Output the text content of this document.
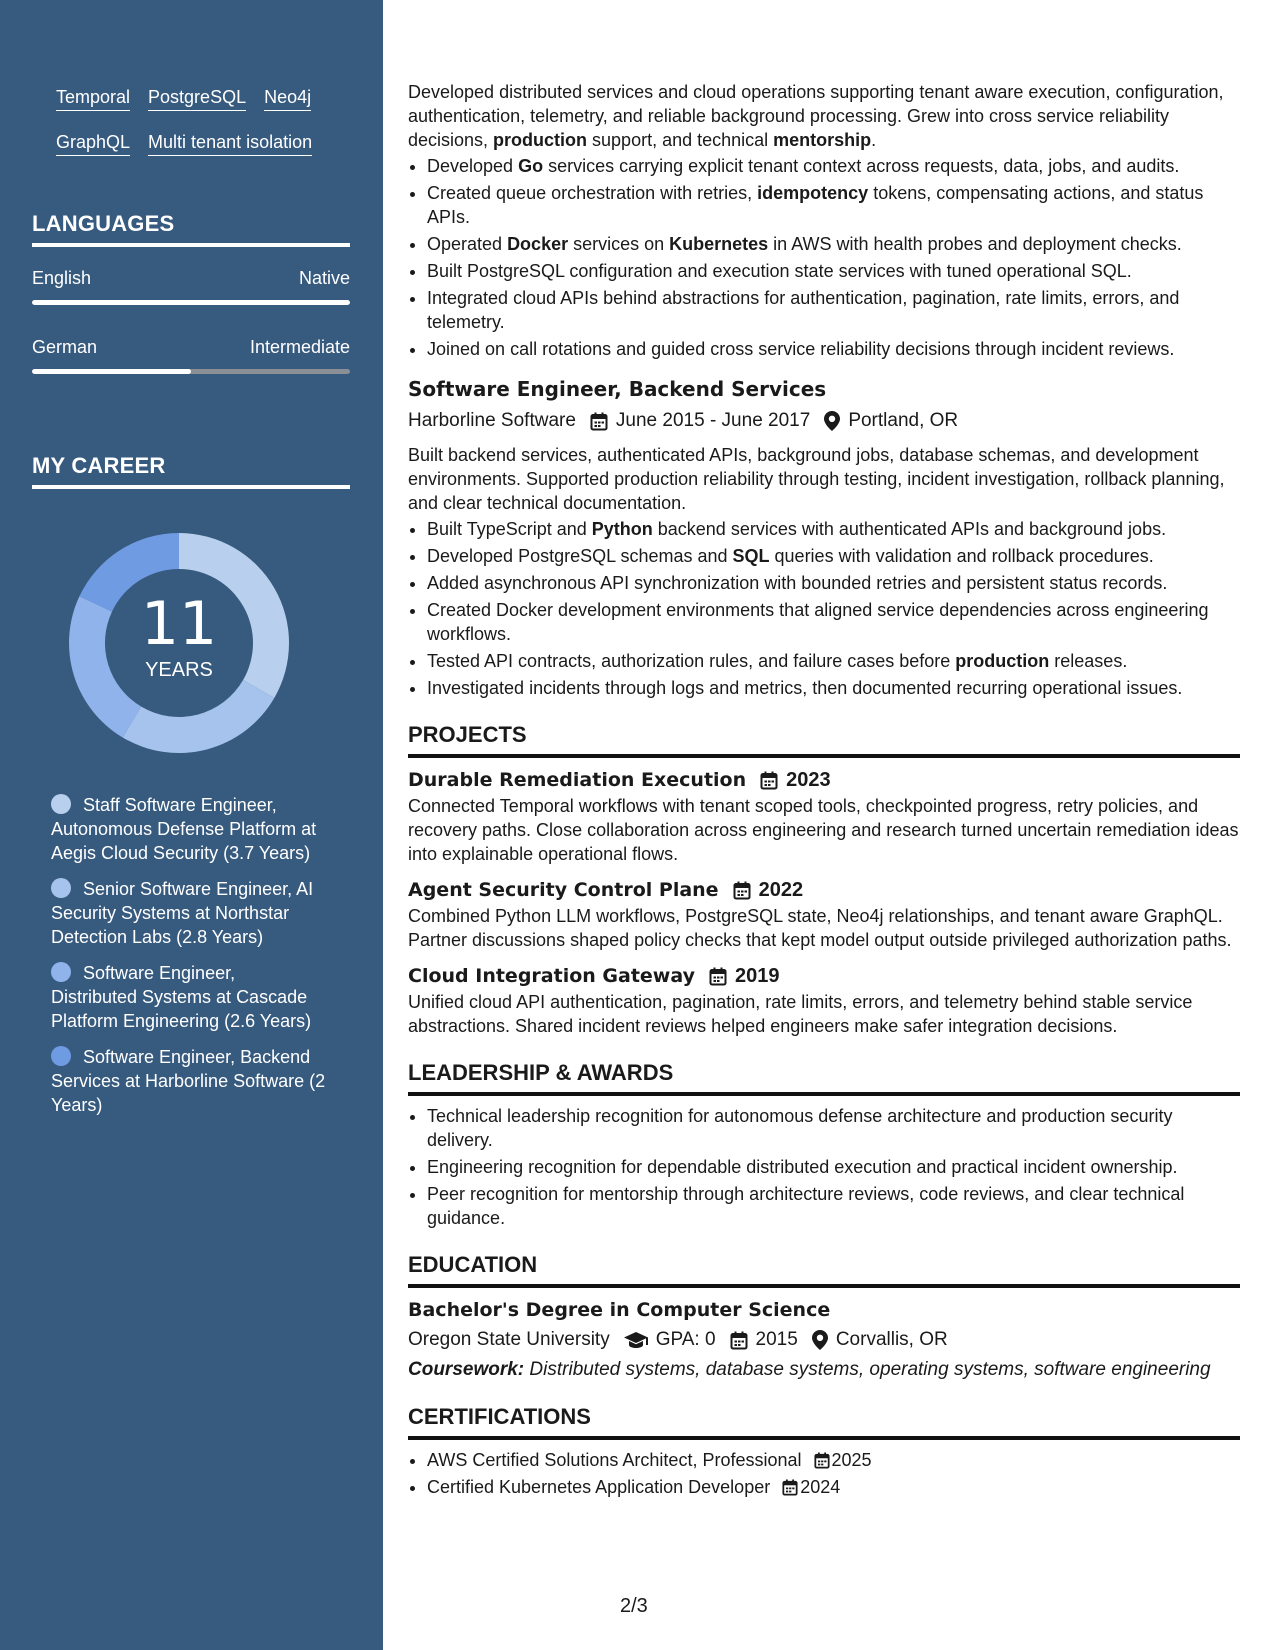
Temporal PostgreSQL Neo4j
GraphQL Multi tenant isolation
LANGUAGES
English	Native
German	Intermediate
MY CAREER
11
YEARS
Staff Software Engineer, Autonomous Defense Platform at Aegis Cloud Security (3.7 Years)
Senior Software Engineer, AI Security Systems at Northstar Detection Labs (2.8 Years)
Software Engineer, Distributed Systems at Cascade Platform Engineering (2.6 Years)
Software Engineer, Backend Services at Harborline Software (2 Years)

Developed distributed services and cloud operations supporting tenant aware execution, configuration, authentication, telemetry, and reliable background processing. Grew into cross service reliability decisions, production support, and technical mentorship.

• Developed Go services carrying explicit tenant context across requests, data, jobs, and audits.
• Created queue orchestration with retries, idempotency tokens, compensating actions, and status APIs.
• Operated Docker services on Kubernetes in AWS with health probes and deployment checks.
• Built PostgreSQL configuration and execution state services with tuned operational SQL.
• Integrated cloud APIs behind abstractions for authentication, pagination, rate limits, errors, and telemetry.
• Joined on call rotations and guided cross service reliability decisions through incident reviews.
Software Engineer, Backend Services
Harborline Software June 2015 - June 2017 Portland, OR

Built backend services, authenticated APIs, background jobs, database schemas, and development environments. Supported production reliability through testing, incident investigation, rollback planning, and clear technical documentation.

• Built TypeScript and Python backend services with authenticated APIs and background jobs.
• Developed PostgreSQL schemas and SQL queries with validation and rollback procedures.
• Added asynchronous API synchronization with bounded retries and persistent status records.
• Created Docker development environments that aligned service dependencies across engineering workflows.
• Tested API contracts, authorization rules, and failure cases before production releases.
• Investigated incidents through logs and metrics, then documented recurring operational issues.
PROJECTS
Durable Remediation Execution 2023

Connected Temporal workflows with tenant scoped tools, checkpointed progress, retry policies, and recovery paths. Close collaboration across engineering and research turned uncertain remediation ideas into explainable operational flows.

Agent Security Control Plane 2022

Combined Python LLM workflows, PostgreSQL state, Neo4j relationships, and tenant aware GraphQL. Partner discussions shaped policy checks that kept model output outside privileged authorization paths.

Cloud Integration Gateway 2019

Unified cloud API authentication, pagination, rate limits, errors, and telemetry behind stable service abstractions. Shared incident reviews helped engineers make safer integration decisions.

LEADERSHIP & AWARDS
• Technical leadership recognition for autonomous defense architecture and production security delivery.
• Engineering recognition for dependable distributed execution and practical incident ownership.
• Peer recognition for mentorship through architecture reviews, code reviews, and clear technical guidance.
EDUCATION
Bachelor's Degree in Computer Science
Oregon State University GPA: 0 2015 Corvallis, OR

Coursework: Distributed systems, database systems, operating systems, software engineering

CERTIFICATIONS
• AWS Certified Solutions Architect, Professional 2025
• Certified Kubernetes Application Developer 2024
2/3
